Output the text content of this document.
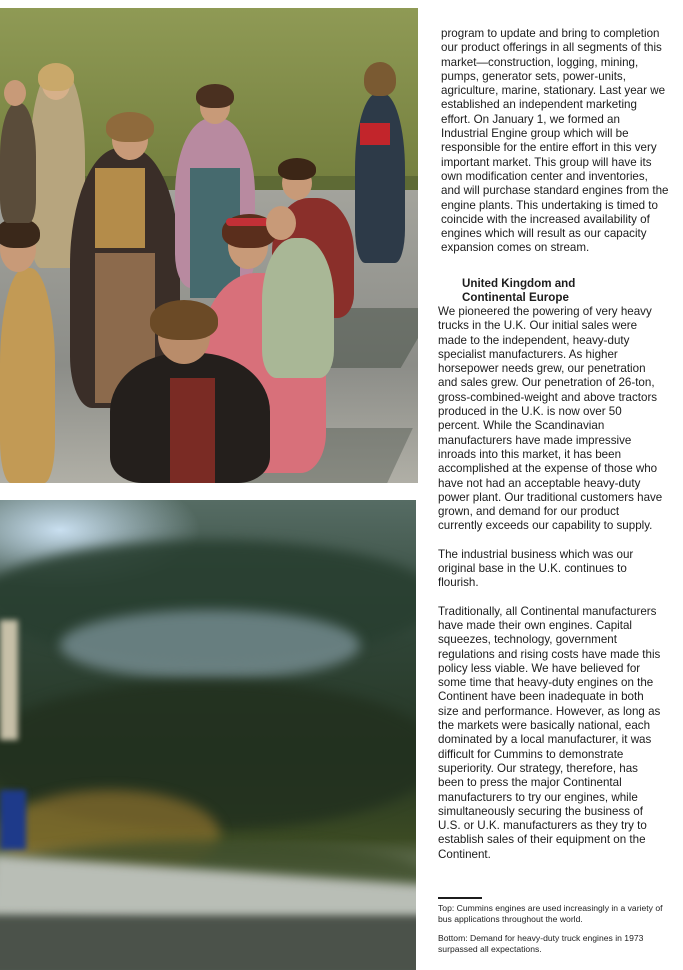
program to update and bring to completion our product offerings in all segments of this market—construction, logging, mining, pumps, generator sets, power-units, agriculture, marine, stationary. Last year we established an independent marketing effort. On January 1, we formed an Industrial Engine group which will be responsible for the entire effort in this very important market. This group will have its own modification center and inventories, and will purchase standard engines from the engine plants. This undertaking is timed to coincide with the increased availability of engines which will result as our capacity expansion comes on stream.

United Kingdom and
Continental Europe

We pioneered the powering of very heavy trucks in the U.K. Our initial sales were made to the independent, heavy-duty specialist manufacturers. As higher horsepower needs grew, our penetration and sales grew. Our penetration of 26-ton, gross-combined-weight and above tractors produced in the U.K. is now over 50 percent. While the Scandinavian manufacturers have made impressive inroads into this market, it has been accomplished at the expense of those who have not had an acceptable heavy-duty power plant. Our traditional customers have grown, and demand for our product currently exceeds our capability to supply.

The industrial business which was our original base in the U.K. continues to flourish.

Traditionally, all Continental manufacturers have made their own engines. Capital squeezes, technology, government regulations and rising costs have made this policy less viable. We have believed for some time that heavy-duty engines on the Continent have been inadequate in both size and performance. However, as long as the markets were basically national, each dominated by a local manufacturer, it was difficult for Cummins to demonstrate superiority. Our strategy, therefore, has been to press the major Continental manufacturers to try our engines, while simultaneously securing the business of U.S. or U.K. manufacturers as they try to establish sales of their equipment on the Continent.

Top: Cummins engines are used increasingly in a variety of bus applications throughout the world.
Bottom: Demand for heavy-duty truck engines in 1973 surpassed all expectations.
